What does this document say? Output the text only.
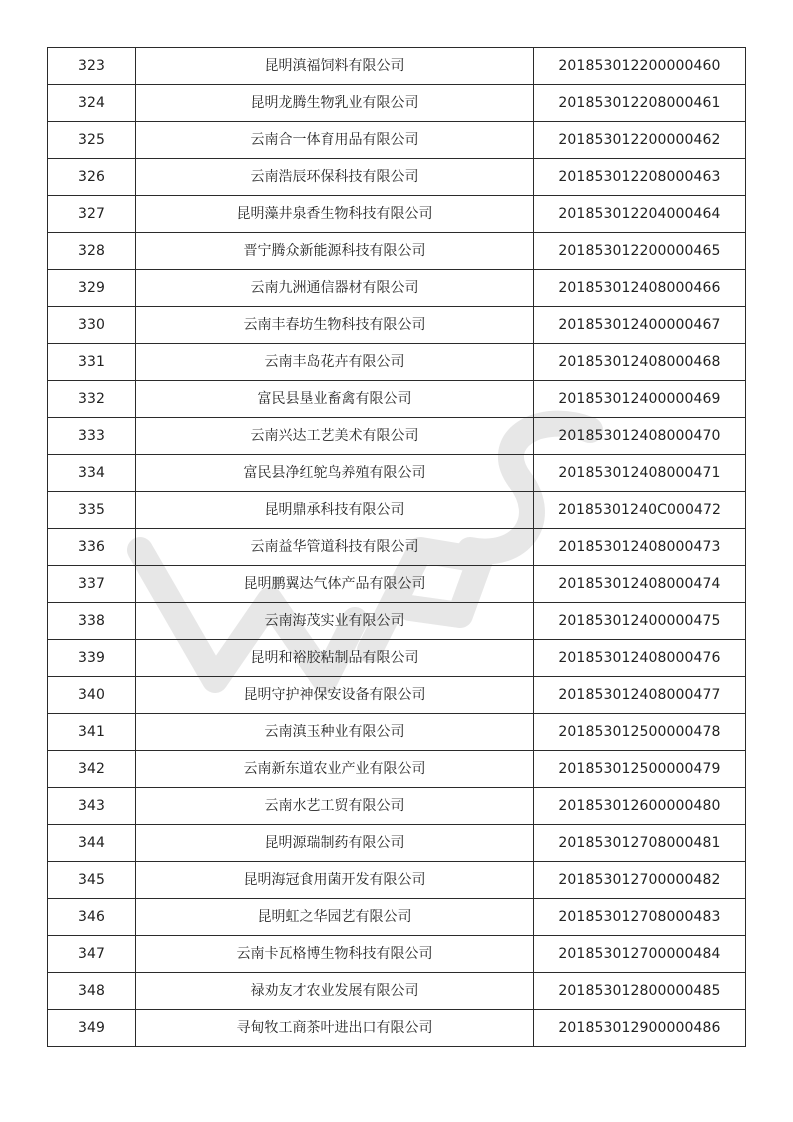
323	昆明滇福饲料有限公司	201853012200000460
324	昆明龙腾生物乳业有限公司	201853012208000461
325	云南合一体育用品有限公司	201853012200000462
326	云南浩辰环保科技有限公司	201853012208000463
327	昆明藻井泉香生物科技有限公司	201853012204000464
328	晋宁腾众新能源科技有限公司	201853012200000465
329	云南九洲通信器材有限公司	201853012408000466
330	云南丰春坊生物科技有限公司	201853012400000467
331	云南丰岛花卉有限公司	201853012408000468
332	富民县垦业畜禽有限公司	201853012400000469
333	云南兴达工艺美术有限公司	201853012408000470
334	富民县净红鸵鸟养殖有限公司	201853012408000471
335	昆明鼎承科技有限公司	20185301240C000472
336	云南益华管道科技有限公司	201853012408000473
337	昆明鹏翼达气体产品有限公司	201853012408000474
338	云南海茂实业有限公司	201853012400000475
339	昆明和裕胶粘制品有限公司	201853012408000476
340	昆明守护神保安设备有限公司	201853012408000477
341	云南滇玉种业有限公司	201853012500000478
342	云南新东道农业产业有限公司	201853012500000479
343	云南水艺工贸有限公司	201853012600000480
344	昆明源瑞制药有限公司	201853012708000481
345	昆明海冠食用菌开发有限公司	201853012700000482
346	昆明虹之华园艺有限公司	201853012708000483
347	云南卡瓦格博生物科技有限公司	201853012700000484
348	禄劝友才农业发展有限公司	201853012800000485
349	寻甸牧工商茶叶进出口有限公司	201853012900000486
